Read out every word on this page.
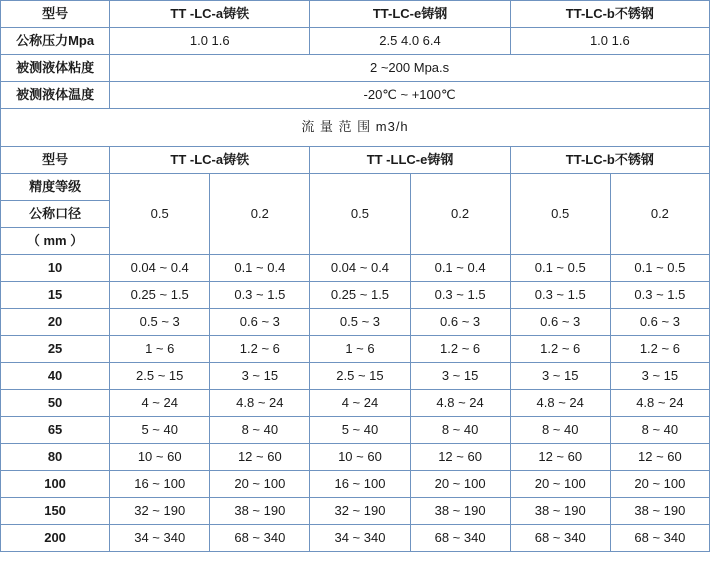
型号	TT -LC-a铸铁		TT-LC-e铸钢		TT-LC-b不锈钢	
公称压力Mpa	1.0 1.6		2.5 4.0 6.4		1.0 1.6	
被测液体粘度	2 ~200 Mpa.s					
被测液体温度	-20℃ ~ +100℃					
流 量 范 围 m3/h						
型号	TT -LC-a铸铁		TT -LLC-e铸钢		TT-LC-b不锈钢	
精度等级	0.5	0.2	0.5	0.2	0.5	0.2
公称口径						
（ mm ）						
10	0.04 ~ 0.4	0.1 ~ 0.4	0.04 ~ 0.4	0.1 ~ 0.4	0.1 ~ 0.5	0.1 ~ 0.5
15	0.25 ~ 1.5	0.3 ~ 1.5	0.25 ~ 1.5	0.3 ~ 1.5	0.3 ~ 1.5	0.3 ~ 1.5
20	0.5 ~ 3	0.6 ~ 3	0.5 ~ 3	0.6 ~ 3	0.6 ~ 3	0.6 ~ 3
25	1 ~ 6	1.2 ~ 6	1 ~ 6	1.2 ~ 6	1.2 ~ 6	1.2 ~ 6
40	2.5 ~ 15	3 ~ 15	2.5 ~ 15	3 ~ 15	3 ~ 15	3 ~ 15
50	4 ~ 24	4.8 ~ 24	4 ~ 24	4.8 ~ 24	4.8 ~ 24	4.8 ~ 24
65	5 ~ 40	8 ~ 40	5 ~ 40	8 ~ 40	8 ~ 40	8 ~ 40
80	10 ~ 60	12 ~ 60	10 ~ 60	12 ~ 60	12 ~ 60	12 ~ 60
100	16 ~ 100	20 ~ 100	16 ~ 100	20 ~ 100	20 ~ 100	20 ~ 100
150	32 ~ 190	38 ~ 190	32 ~ 190	38 ~ 190	38 ~ 190	38 ~ 190
200	34 ~ 340	68 ~ 340	34 ~ 340	68 ~ 340	68 ~ 340	68 ~ 340
